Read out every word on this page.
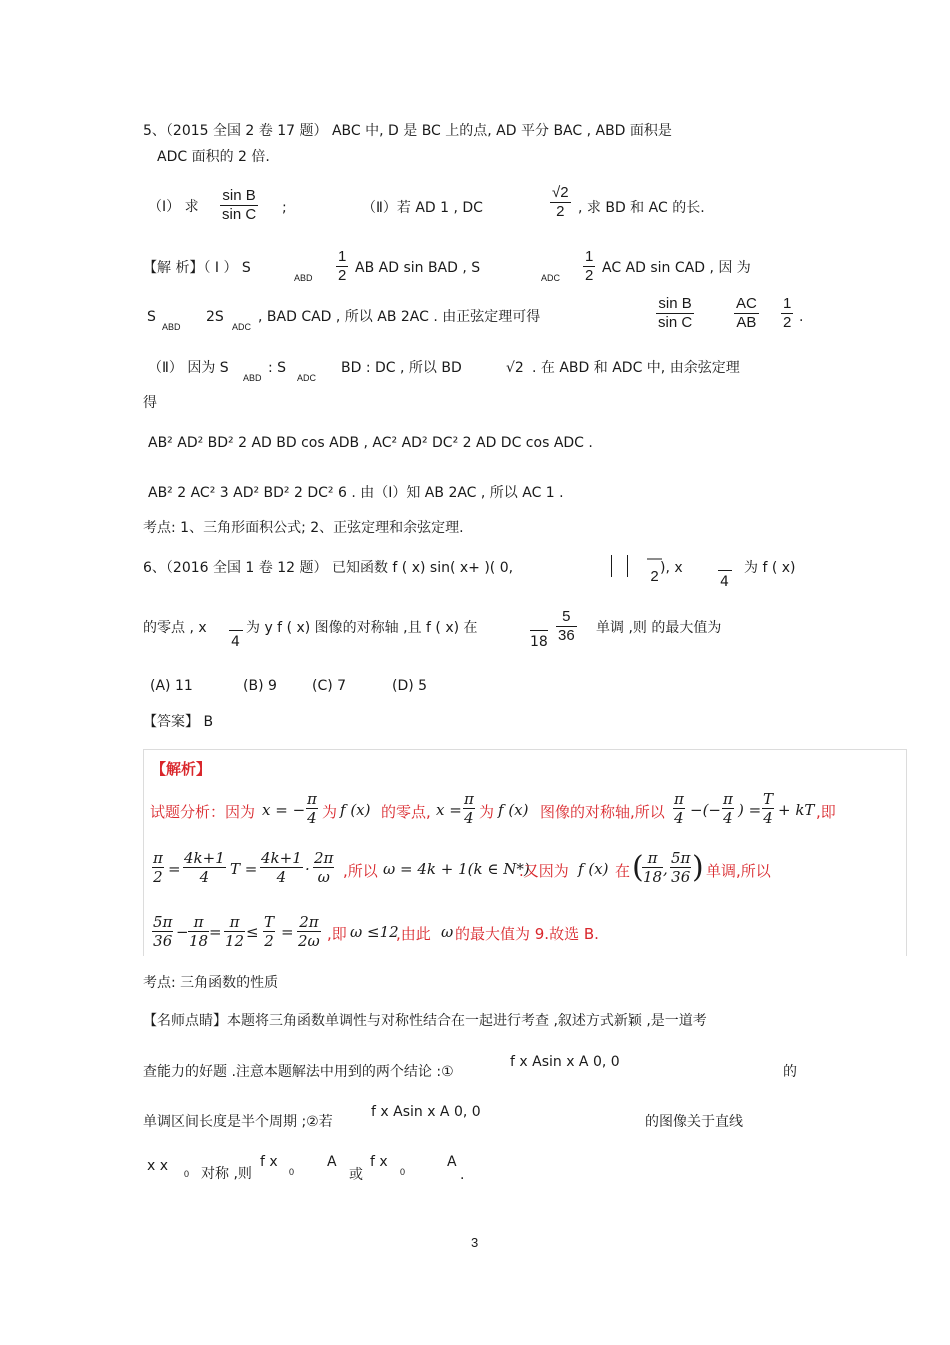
5、（2015 全国 2 卷 17 题） ABC 中, D 是 BC 上的点, AD 平分 BAC , ABD 面积是
ADC 面积的 2 倍.
（Ⅰ） 求 $\frac{\text{sin B}}{\text{sin C}}$ ;	（Ⅱ）若 AD 1 , DC	$\frac{√2}{2}$ , 求 BD 和 AC 的长.
【解 析】（ Ⅰ ） S
ABD $\frac{1}{2}$ AB AD sin BAD , S
ADC $\frac{1}{2}$ AC AD sin CAD , 因 为
S
ABD
2S
ADC
, BAD CAD , 所以 AB 2AC . 由正弦定理可得	$\frac{\text{sin B}}{\text{sin C}}$	$\frac{AC}{AB} \frac{1}{2}$ .
（Ⅱ） 因为 S
ABD
: S
ADC
BD : DC , 所以 BD	√2 . 在 ABD 和 ADC 中, 由余弦定理
得
AB² AD² BD² 2 AD BD cos ADB , AC² AD² DC² 2 AD DC cos ADC .
AB² 2 AC² 3 AD² BD² 2 DC² 6 . 由（Ⅰ）知 AB 2AC , 所以 AC 1 .
考点: 1、三角形面积公式; 2、正弦定理和余弦定理.
6、（2016 全国 1 卷 12 题） 已知函数 f ( x) sin( x+ )( 0,
—
2 ), x
4
为 f ( x)
的零点 , x
4
为 y f ( x) 图像的对称轴 ,且 f ( x) 在
$18 \frac{5}{36}$ 单调 ,则 的最大值为
(A) 11	(B) 9	(C) 7	(D) 5
【答案】 B
【解析】
试题分析：因为 x = − $\frac{\pi}{4}$ 为 f (x) 的零点, $x = \frac{\pi}{4}$ 为 f (x) 图像的对称轴,所以 $\frac{\pi}{4}$ −(− $\frac{\pi}{4}$ ) = $\frac{T}{4}$ + kT ,即
$\frac{\pi}{2} = \frac{4k+1}{4}$ $T = \frac{4k+1}{4} \cdot \frac{2\pi}{\omega}$ ,所以 ω = 4k + 1(k ∈ N*)
.又因为 f (x) 在 (
$\frac{\pi}{18}$ , $\frac{5\pi}{36}$ ) 单调,所以
$\frac{5\pi}{36} - \frac{\pi}{18} = \frac{\pi}{12} \le \frac{T}{2} = \frac{2\pi}{2\omega}$ ,即 ω ≤12
,由此 ω 的最大值为 9.故选 B.
考点: 三角函数的性质
【名师点睛】本题将三角函数单调性与对称性结合在一起进行考查 ,叙述方式新颖 ,是一道考
查能力的好题 .注意本题解法中用到的两个结论 :①
f x Asin x A 0, 0
的
单调区间长度是半个周期 ;②若
f x Asin x A 0, 0
的图像关于直线
x x 0 对称 ,则
f x
0
A
或
f x
0
A
.
3
